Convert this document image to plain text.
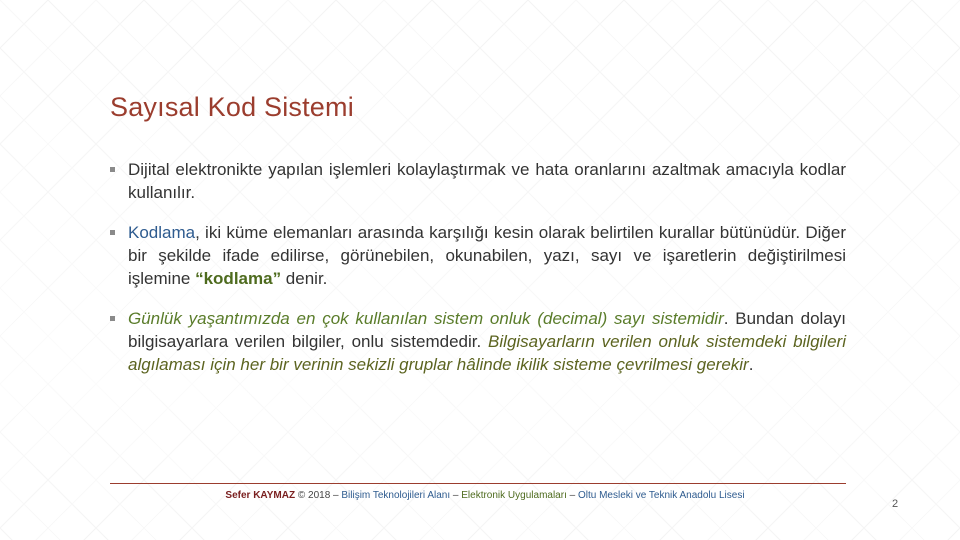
Sayısal Kod Sistemi
Dijital elektronikte yapılan işlemleri kolaylaştırmak ve hata oranlarını azaltmak amacıyla kodlar kullanılır.
Kodlama, iki küme elemanları arasında karşılığı kesin olarak belirtilen kurallar bütünüdür. Diğer bir şekilde ifade edilirse, görünebilen, okunabilen, yazı, sayı ve işaretlerin değiştirilmesi işlemine “kodlama” denir.
Günlük yaşantımızda en çok kullanılan sistem onluk (decimal) sayı sistemidir. Bundan dolayı bilgisayarlara verilen bilgiler, onlu sistemdedir. Bilgisayarların verilen onluk sistemdeki bilgileri algılaması için her bir verinin sekizli gruplar hâlinde ikilik sisteme çevrilmesi gerekir.
Sefer KAYMAZ © 2018 – Bilişim Teknolojileri Alanı – Elektronik Uygulamaları – Oltu Mesleki ve Teknik Anadolu Lisesi
2
